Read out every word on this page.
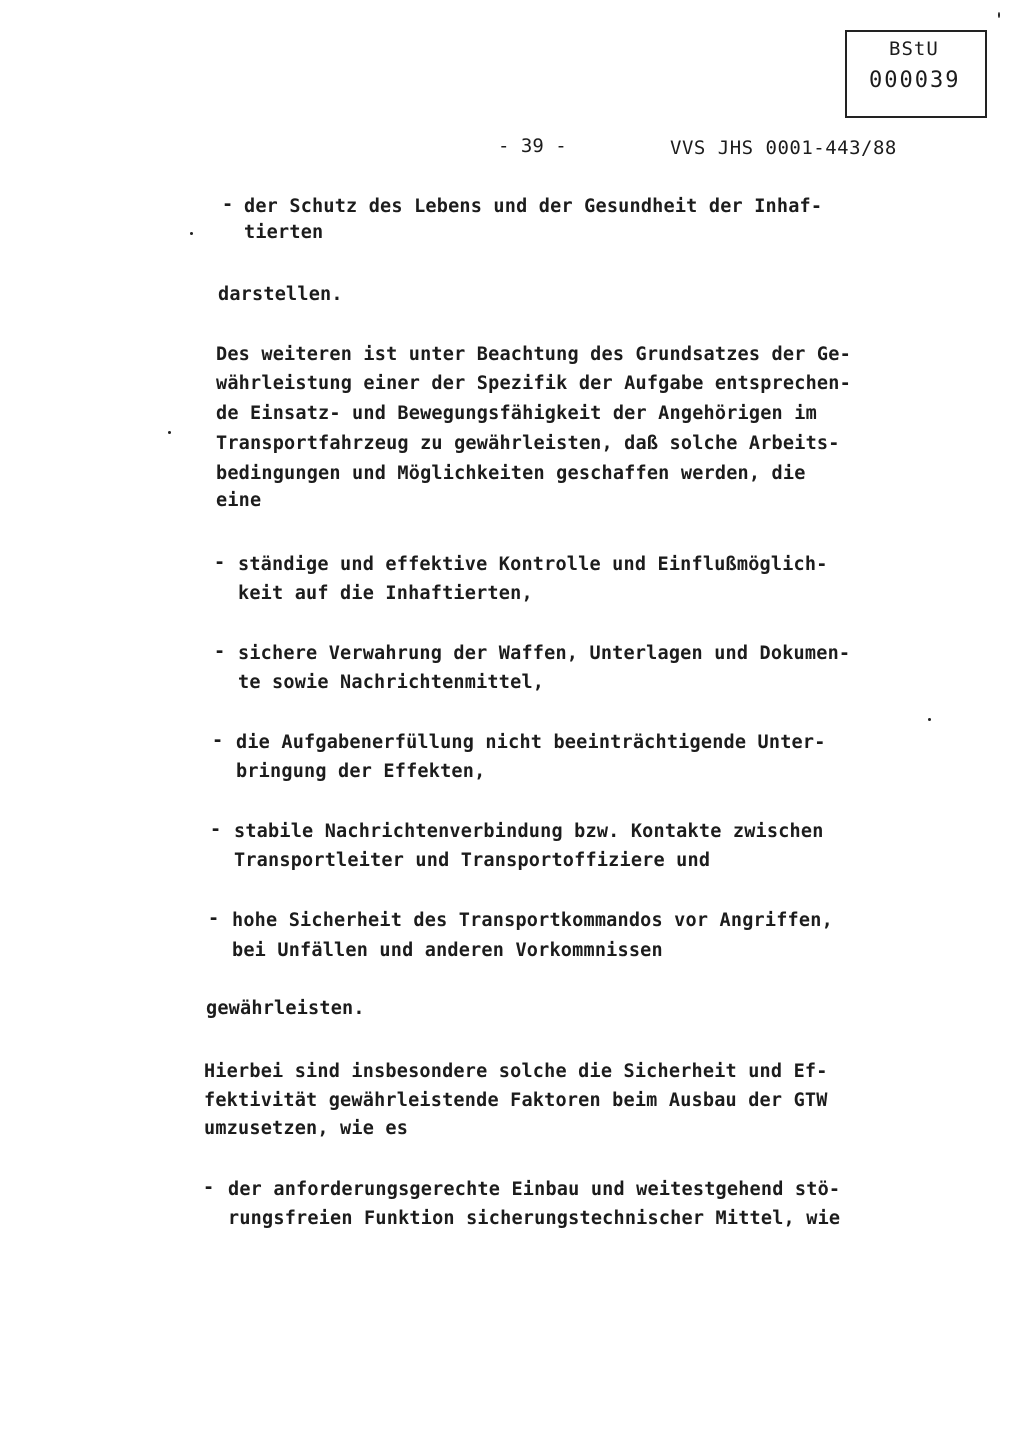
BStU
000039
- 39 -	VVS JHS 0001-443/88
- der Schutz des Lebens und der Gesundheit der Inhaf-
tierten
darstellen.
Des weiteren ist unter Beachtung des Grundsatzes der Ge-
währleistung einer der Spezifik der Aufgabe entsprechen-
de Einsatz- und Bewegungsfähigkeit der Angehörigen im
Transportfahrzeug zu gewährleisten, daß solche Arbeits-
bedingungen und Möglichkeiten geschaffen werden, die
eine
- ständige und effektive Kontrolle und Einflußmöglich-
keit auf die Inhaftierten,
- sichere Verwahrung der Waffen, Unterlagen und Dokumen-
te sowie Nachrichtenmittel,
- die Aufgabenerfüllung nicht beeinträchtigende Unter-
bringung der Effekten,
- stabile Nachrichtenverbindung bzw. Kontakte zwischen
Transportleiter und Transportoffiziere und
- hohe Sicherheit des Transportkommandos vor Angriffen,
bei Unfällen und anderen Vorkommnissen
gewährleisten.
Hierbei sind insbesondere solche die Sicherheit und Ef-
fektivität gewährleistende Faktoren beim Ausbau der GTW
umzusetzen, wie es
- der anforderungsgerechte Einbau und weitestgehend stö-
rungsfreien Funktion sicherungstechnischer Mittel, wie
